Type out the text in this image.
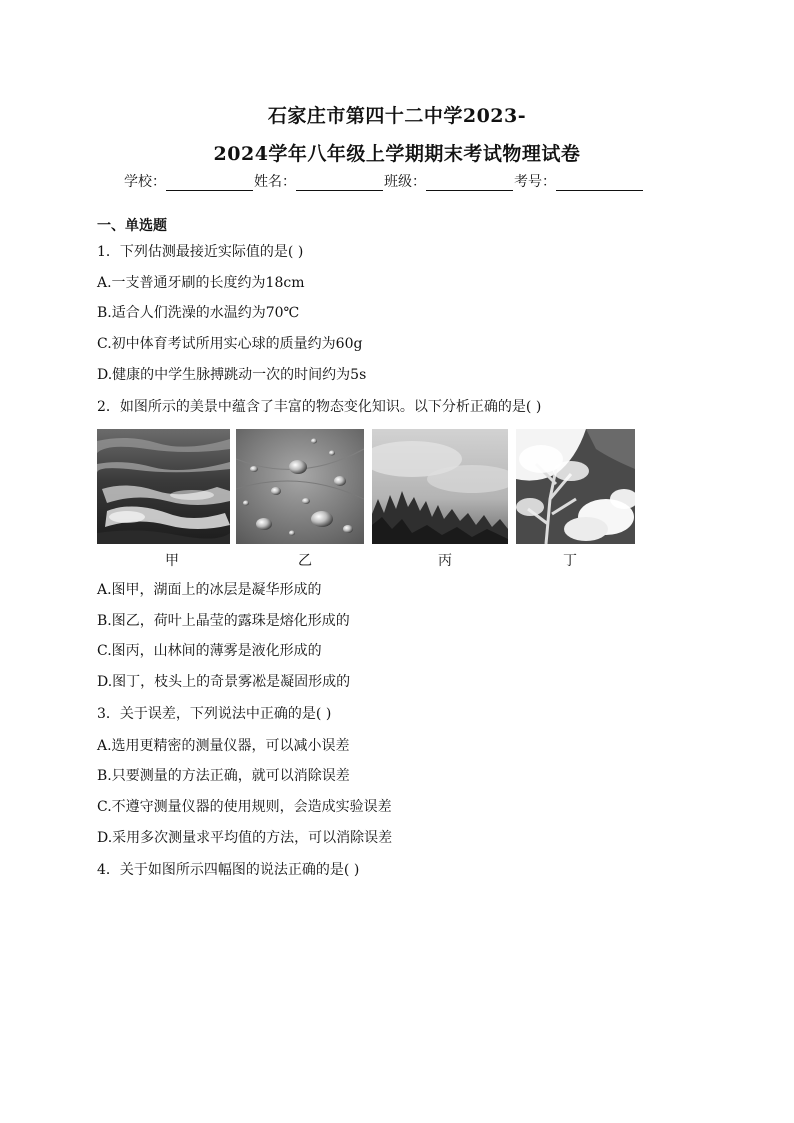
石家庄市第四十二中学2023-
2024学年八年级上学期期末考试物理试卷
学校：	姓名：	班级：	考号：
一、单选题
1．下列估测最接近实际值的是( )
A.一支普通牙刷的长度约为18cm
B.适合人们洗澡的水温约为70℃
C.初中体育考试所用实心球的质量约为60g
D.健康的中学生脉搏跳动一次的时间约为5s
2．如图所示的美景中蕴含了丰富的物态变化知识。以下分析正确的是( )
甲	乙	丙	丁
A.图甲，湖面上的冰层是凝华形成的
B.图乙，荷叶上晶莹的露珠是熔化形成的
C.图丙，山林间的薄雾是液化形成的
D.图丁，枝头上的奇景雾凇是凝固形成的
3．关于误差，下列说法中正确的是( )
A.选用更精密的测量仪器，可以减小误差
B.只要测量的方法正确，就可以消除误差
C.不遵守测量仪器的使用规则，会造成实验误差
D.采用多次测量求平均值的方法，可以消除误差
4．关于如图所示四幅图的说法正确的是( )
